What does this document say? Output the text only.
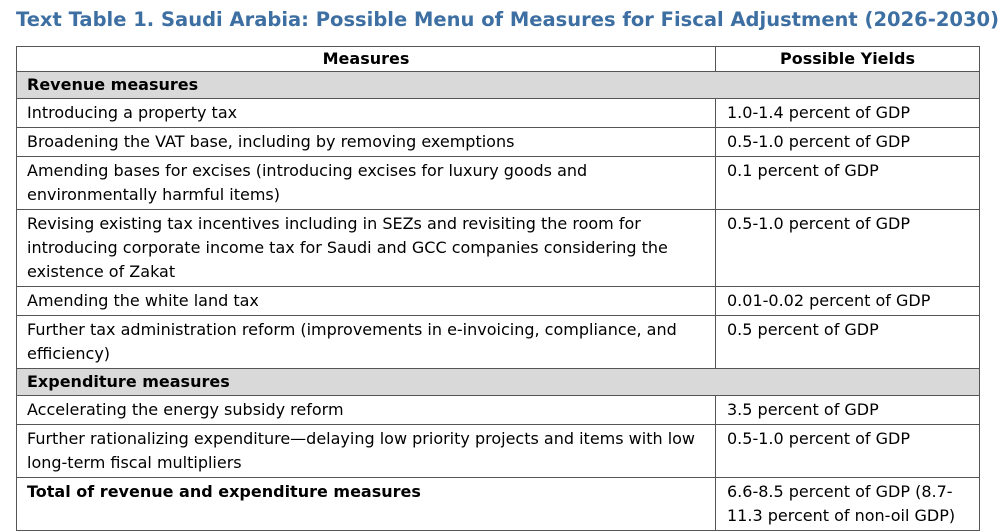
Text Table 1. Saudi Arabia: Possible Menu of Measures for Fiscal Adjustment (2026-2030)
Measures	Possible Yields
Revenue measures	
Introducing a property tax	1.0-1.4 percent of GDP
Broadening the VAT base, including by removing exemptions	0.5-1.0 percent of GDP
Amending bases for excises (introducing excises for luxury goods and environmentally harmful items)	0.1 percent of GDP
Revising existing tax incentives including in SEZs and revisiting the room for introducing corporate income tax for Saudi and GCC companies considering the existence of Zakat	0.5-1.0 percent of GDP
Amending the white land tax	0.01-0.02 percent of GDP
Further tax administration reform (improvements in e-invoicing, compliance, and efficiency)	0.5 percent of GDP
Expenditure measures	
Accelerating the energy subsidy reform	3.5 percent of GDP
Further rationalizing expenditure—delaying low priority projects and items with low long-term fiscal multipliers	0.5-1.0 percent of GDP
Total of revenue and expenditure measures	6.6-8.5 percent of GDP (8.7-11.3 percent of non-oil GDP)
